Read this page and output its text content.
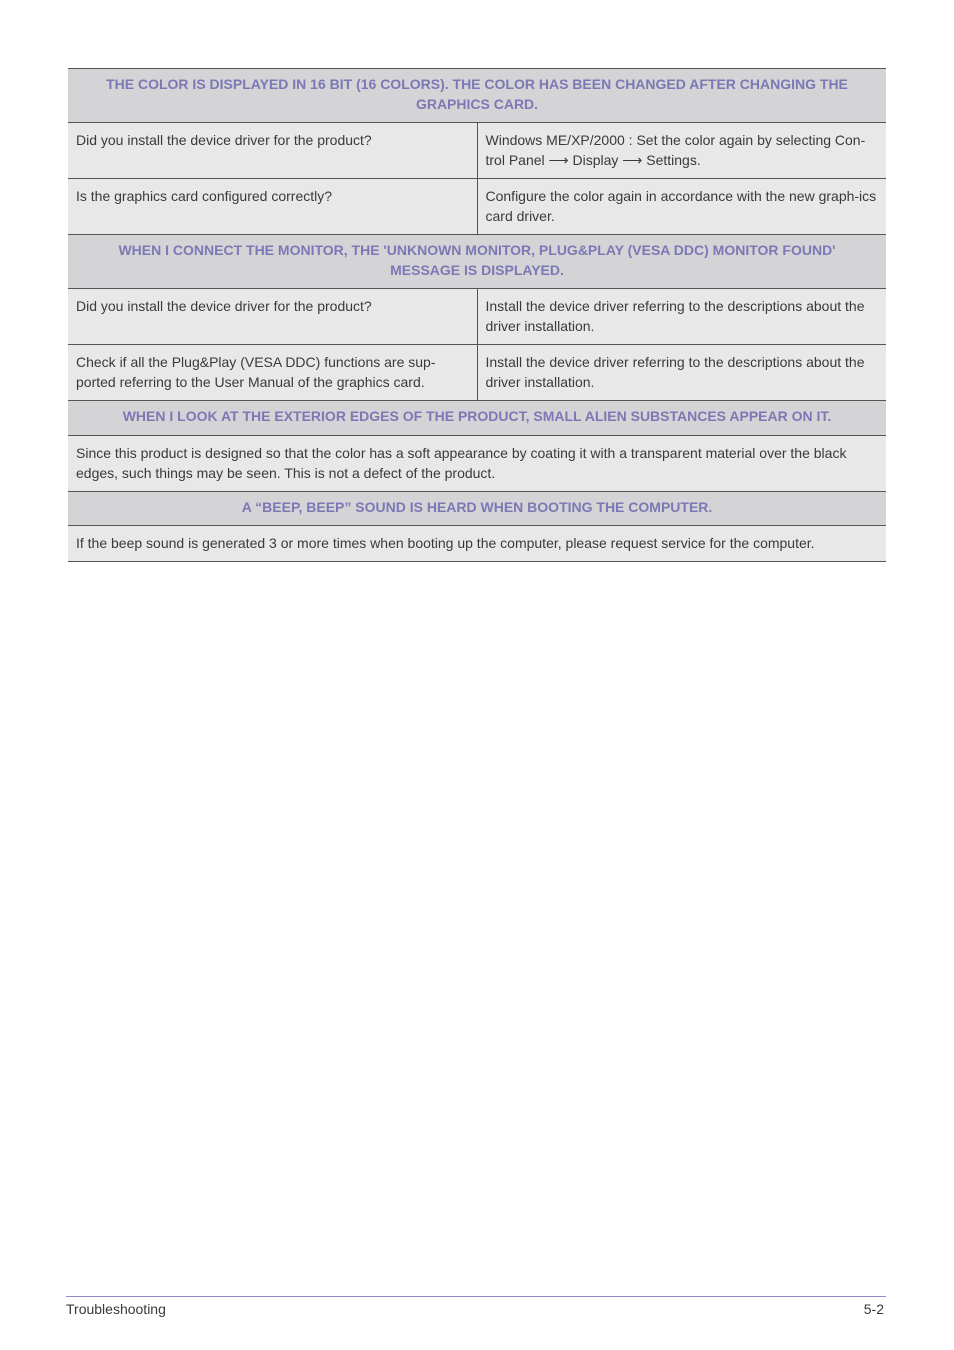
THE COLOR IS DISPLAYED IN 16 BIT (16 COLORS). THE COLOR HAS BEEN CHANGED AFTER CHANGING THE GRAPHICS CARD.	
Did you install the device driver for the product?	Windows ME/XP/2000 : Set the color again by selecting Con-trol Panel ⟶ Display ⟶ Settings.
Is the graphics card configured correctly?	Configure the color again in accordance with the new graph-ics card driver.
WHEN I CONNECT THE MONITOR, THE 'UNKNOWN MONITOR, PLUG&PLAY (VESA DDC) MONITOR FOUND' MESSAGE IS DISPLAYED.	
Did you install the device driver for the product?	Install the device driver referring to the descriptions about the driver installation.
Check if all the Plug&Play (VESA DDC) functions are sup-ported referring to the User Manual of the graphics card.	Install the device driver referring to the descriptions about the driver installation.
WHEN I LOOK AT THE EXTERIOR EDGES OF THE PRODUCT, SMALL ALIEN SUBSTANCES APPEAR ON IT.	
Since this product is designed so that the color has a soft appearance by coating it with a transparent material over the black edges, such things may be seen. This is not a defect of the product.	
A “BEEP, BEEP” SOUND IS HEARD WHEN BOOTING THE COMPUTER.	
If the beep sound is generated 3 or more times when booting up the computer, please request service for the computer.	
Troubleshooting	5-2
